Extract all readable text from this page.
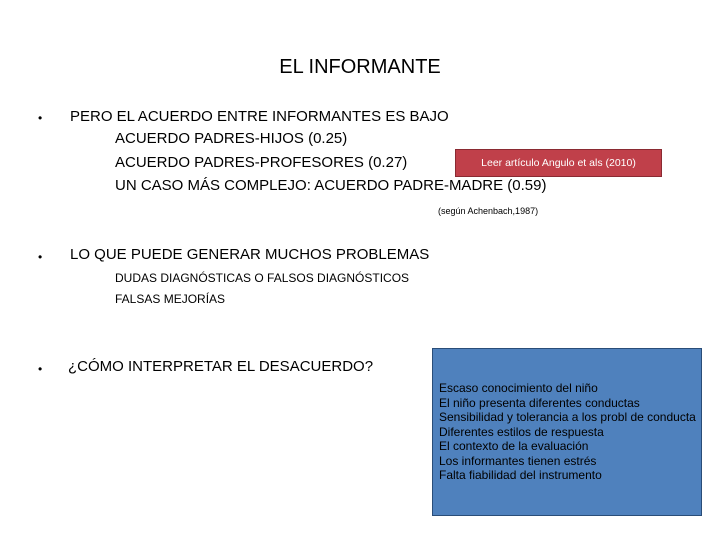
EL INFORMANTE
• PERO EL ACUERDO ENTRE INFORMANTES ES BAJO
ACUERDO PADRES-HIJOS (0.25)
ACUERDO PADRES-PROFESORES (0.27)	Leer artículo Angulo et als (2010)
UN CASO MÁS COMPLEJO: ACUERDO PADRE-MADRE (0.59)
(según Achenbach,1987)
• LO QUE PUEDE GENERAR MUCHOS PROBLEMAS
DUDAS DIAGNÓSTICAS O FALSOS DIAGNÓSTICOS
FALSAS MEJORÍAS
• ¿CÓMO INTERPRETAR EL DESACUERDO?
Escaso conocimiento del niño
El niño presenta diferentes conductas
Sensibilidad y tolerancia a los probl de conducta
Diferentes estilos de respuesta
El contexto de la evaluación
Los informantes tienen estrés
Falta fiabilidad del instrumento
